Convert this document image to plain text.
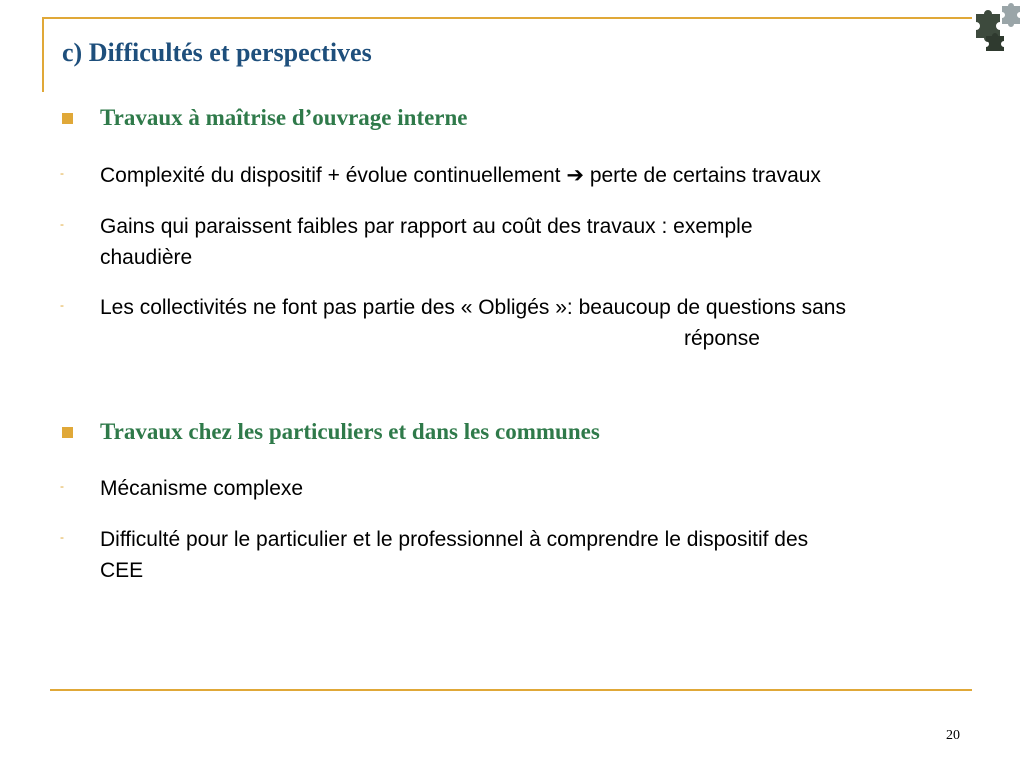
c) Difficultés et perspectives
Travaux à maîtrise d’ouvrage interne
- Complexité du dispositif + évolue continuellement ➔ perte de certains travaux
- Gains qui paraissent faibles par rapport au coût des travaux : exemple
chaudière
- Les collectivités ne font pas partie des « Obligés »: beaucoup de questions sans
réponse
Travaux chez les particuliers et dans les communes
- Mécanisme complexe
- Difficulté pour le particulier et le professionnel à comprendre le dispositif des
CEE
20
